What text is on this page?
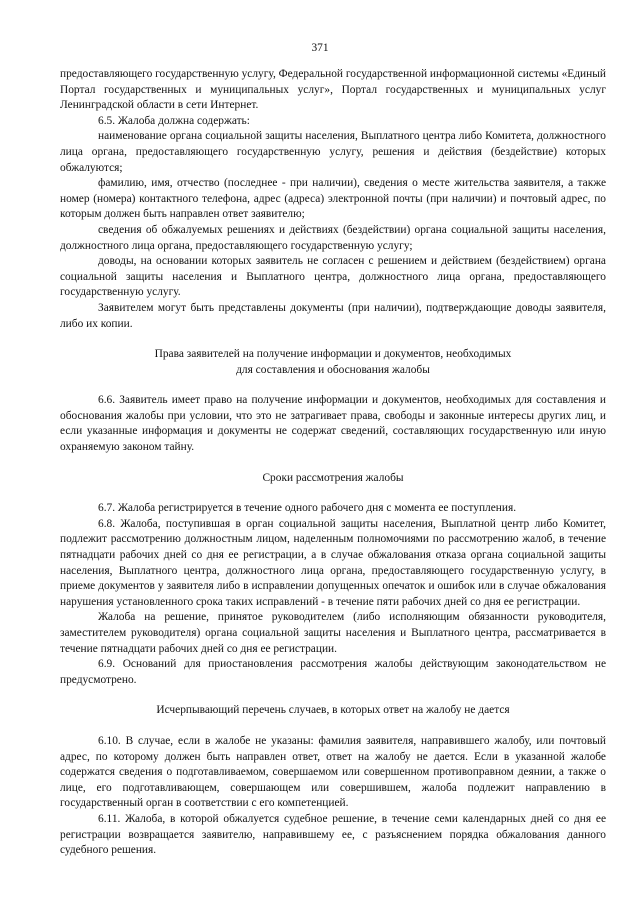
371

предоставляющего государственную услугу, Федеральной государственной информационной системы «Единый Портал государственных и муниципальных услуг», Портал государственных и муниципальных услуг Ленинградской области в сети Интернет.

6.5. Жалоба должна содержать:

наименование органа социальной защиты населения, Выплатного центра либо Комитета, должностного лица органа, предоставляющего государственную услугу, решения и действия (бездействие) которых обжалуются;

фамилию, имя, отчество (последнее - при наличии), сведения о месте жительства заявителя, а также номер (номера) контактного телефона, адрес (адреса) электронной почты (при наличии) и почтовый адрес, по которым должен быть направлен ответ заявителю;

сведения об обжалуемых решениях и действиях (бездействии) органа социальной защиты населения, должностного лица органа, предоставляющего государственную услугу;

доводы, на основании которых заявитель не согласен с решением и действием (бездействием) органа социальной защиты населения и Выплатного центра, должностного лица органа, предоставляющего государственную услугу.

Заявителем могут быть представлены документы (при наличии), подтверждающие доводы заявителя, либо их копии.

Права заявителей на получение информации и документов, необходимых

для составления и обоснования жалобы

6.6. Заявитель имеет право на получение информации и документов, необходимых для составления и обоснования жалобы при условии, что это не затрагивает права, свободы и законные интересы других лиц, и если указанные информация и документы не содержат сведений, составляющих государственную или иную охраняемую законом тайну.

Сроки рассмотрения жалобы

6.7. Жалоба регистрируется в течение одного рабочего дня с момента ее поступления.

6.8. Жалоба, поступившая в орган социальной защиты населения, Выплатной центр либо Комитет, подлежит рассмотрению должностным лицом, наделенным полномочиями по рассмотрению жалоб, в течение пятнадцати рабочих дней со дня ее регистрации, а в случае обжалования отказа органа социальной защиты населения, Выплатного центра, должностного лица органа, предоставляющего государственную услугу, в приеме документов у заявителя либо в исправлении допущенных опечаток и ошибок или в случае обжалования нарушения установленного срока таких исправлений - в течение пяти рабочих дней со дня ее регистрации.

Жалоба на решение, принятое руководителем (либо исполняющим обязанности руководителя, заместителем руководителя) органа социальной защиты населения и Выплатного центра, рассматривается в течение пятнадцати рабочих дней со дня ее регистрации.

6.9. Оснований для приостановления рассмотрения жалобы действующим законодательством не предусмотрено.

Исчерпывающий перечень случаев, в которых ответ на жалобу не дается

6.10. В случае, если в жалобе не указаны: фамилия заявителя, направившего жалобу, или почтовый адрес, по которому должен быть направлен ответ, ответ на жалобу не дается. Если в указанной жалобе содержатся сведения о подготавливаемом, совершаемом или совершенном противоправном деянии, а также о лице, его подготавливающем, совершающем или совершившем, жалоба подлежит направлению в государственный орган в соответствии с его компетенцией.

6.11. Жалоба, в которой обжалуется судебное решение, в течение семи календарных дней со дня ее регистрации возвращается заявителю, направившему ее, с разъяснением порядка обжалования данного судебного решения.
